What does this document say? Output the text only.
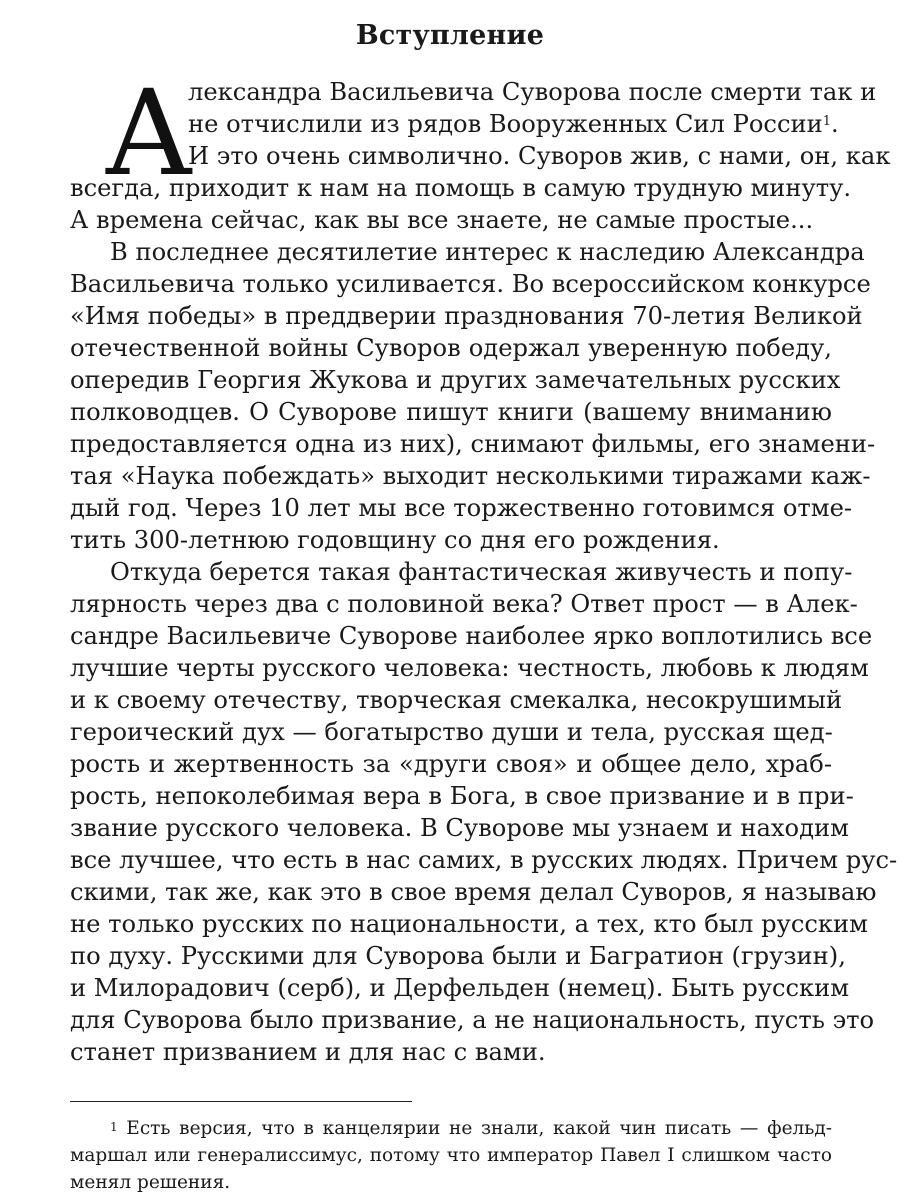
Вступление
А
лександра Васильевича Суворова после смерти так и
не отчислили из рядов Вооруженных Сил России$^1$.
И это очень символично. Суворов жив, с нами, он, как
всегда, приходит к нам на помощь в самую трудную минуту.
А времена сейчас, как вы все знаете, не самые простые...
В последнее десятилетие интерес к наследию Александра
Васильевича только усиливается. Во всероссийском конкурсе
«Имя победы» в преддверии празднования 70-летия Великой
отечественной войны Суворов одержал уверенную победу,
опередив Георгия Жукова и других замечательных русских
полководцев. О Суворове пишут книги (вашему вниманию
предоставляется одна из них), снимают фильмы, его знамени-
тая «Наука побеждать» выходит несколькими тиражами каж-
дый год. Через 10 лет мы все торжественно готовимся отме-
тить 300-летнюю годовщину со дня его рождения.
Откуда берется такая фантастическая живучесть и попу-
лярность через два с половиной века? Ответ прост — в Алек-
сандре Васильевиче Суворове наиболее ярко воплотились все
лучшие черты русского человека: честность, любовь к людям
и к своему отечеству, творческая смекалка, несокрушимый
героический дух — богатырство души и тела, русская щед-
рость и жертвенность за «други своя» и общее дело, храб-
рость, непоколебимая вера в Бога, в свое призвание и в при-
звание русского человека. В Суворове мы узнаем и находим
все лучшее, что есть в нас самих, в русских людях. Причем рус-
скими, так же, как это в свое время делал Суворов, я называю
не только русских по национальности, а тех, кто был русским
по духу. Русскими для Суворова были и Багратион (грузин),
и Милорадович (серб), и Дерфельден (немец). Быть русским
для Суворова было призвание, а не национальность, пусть это
станет призванием и для нас с вами.
$^1$ Есть версия, что в канцелярии не знали, какой чин писать — фельд-
маршал или генералиссимус, потому что император Павел I слишком часто
менял решения.
